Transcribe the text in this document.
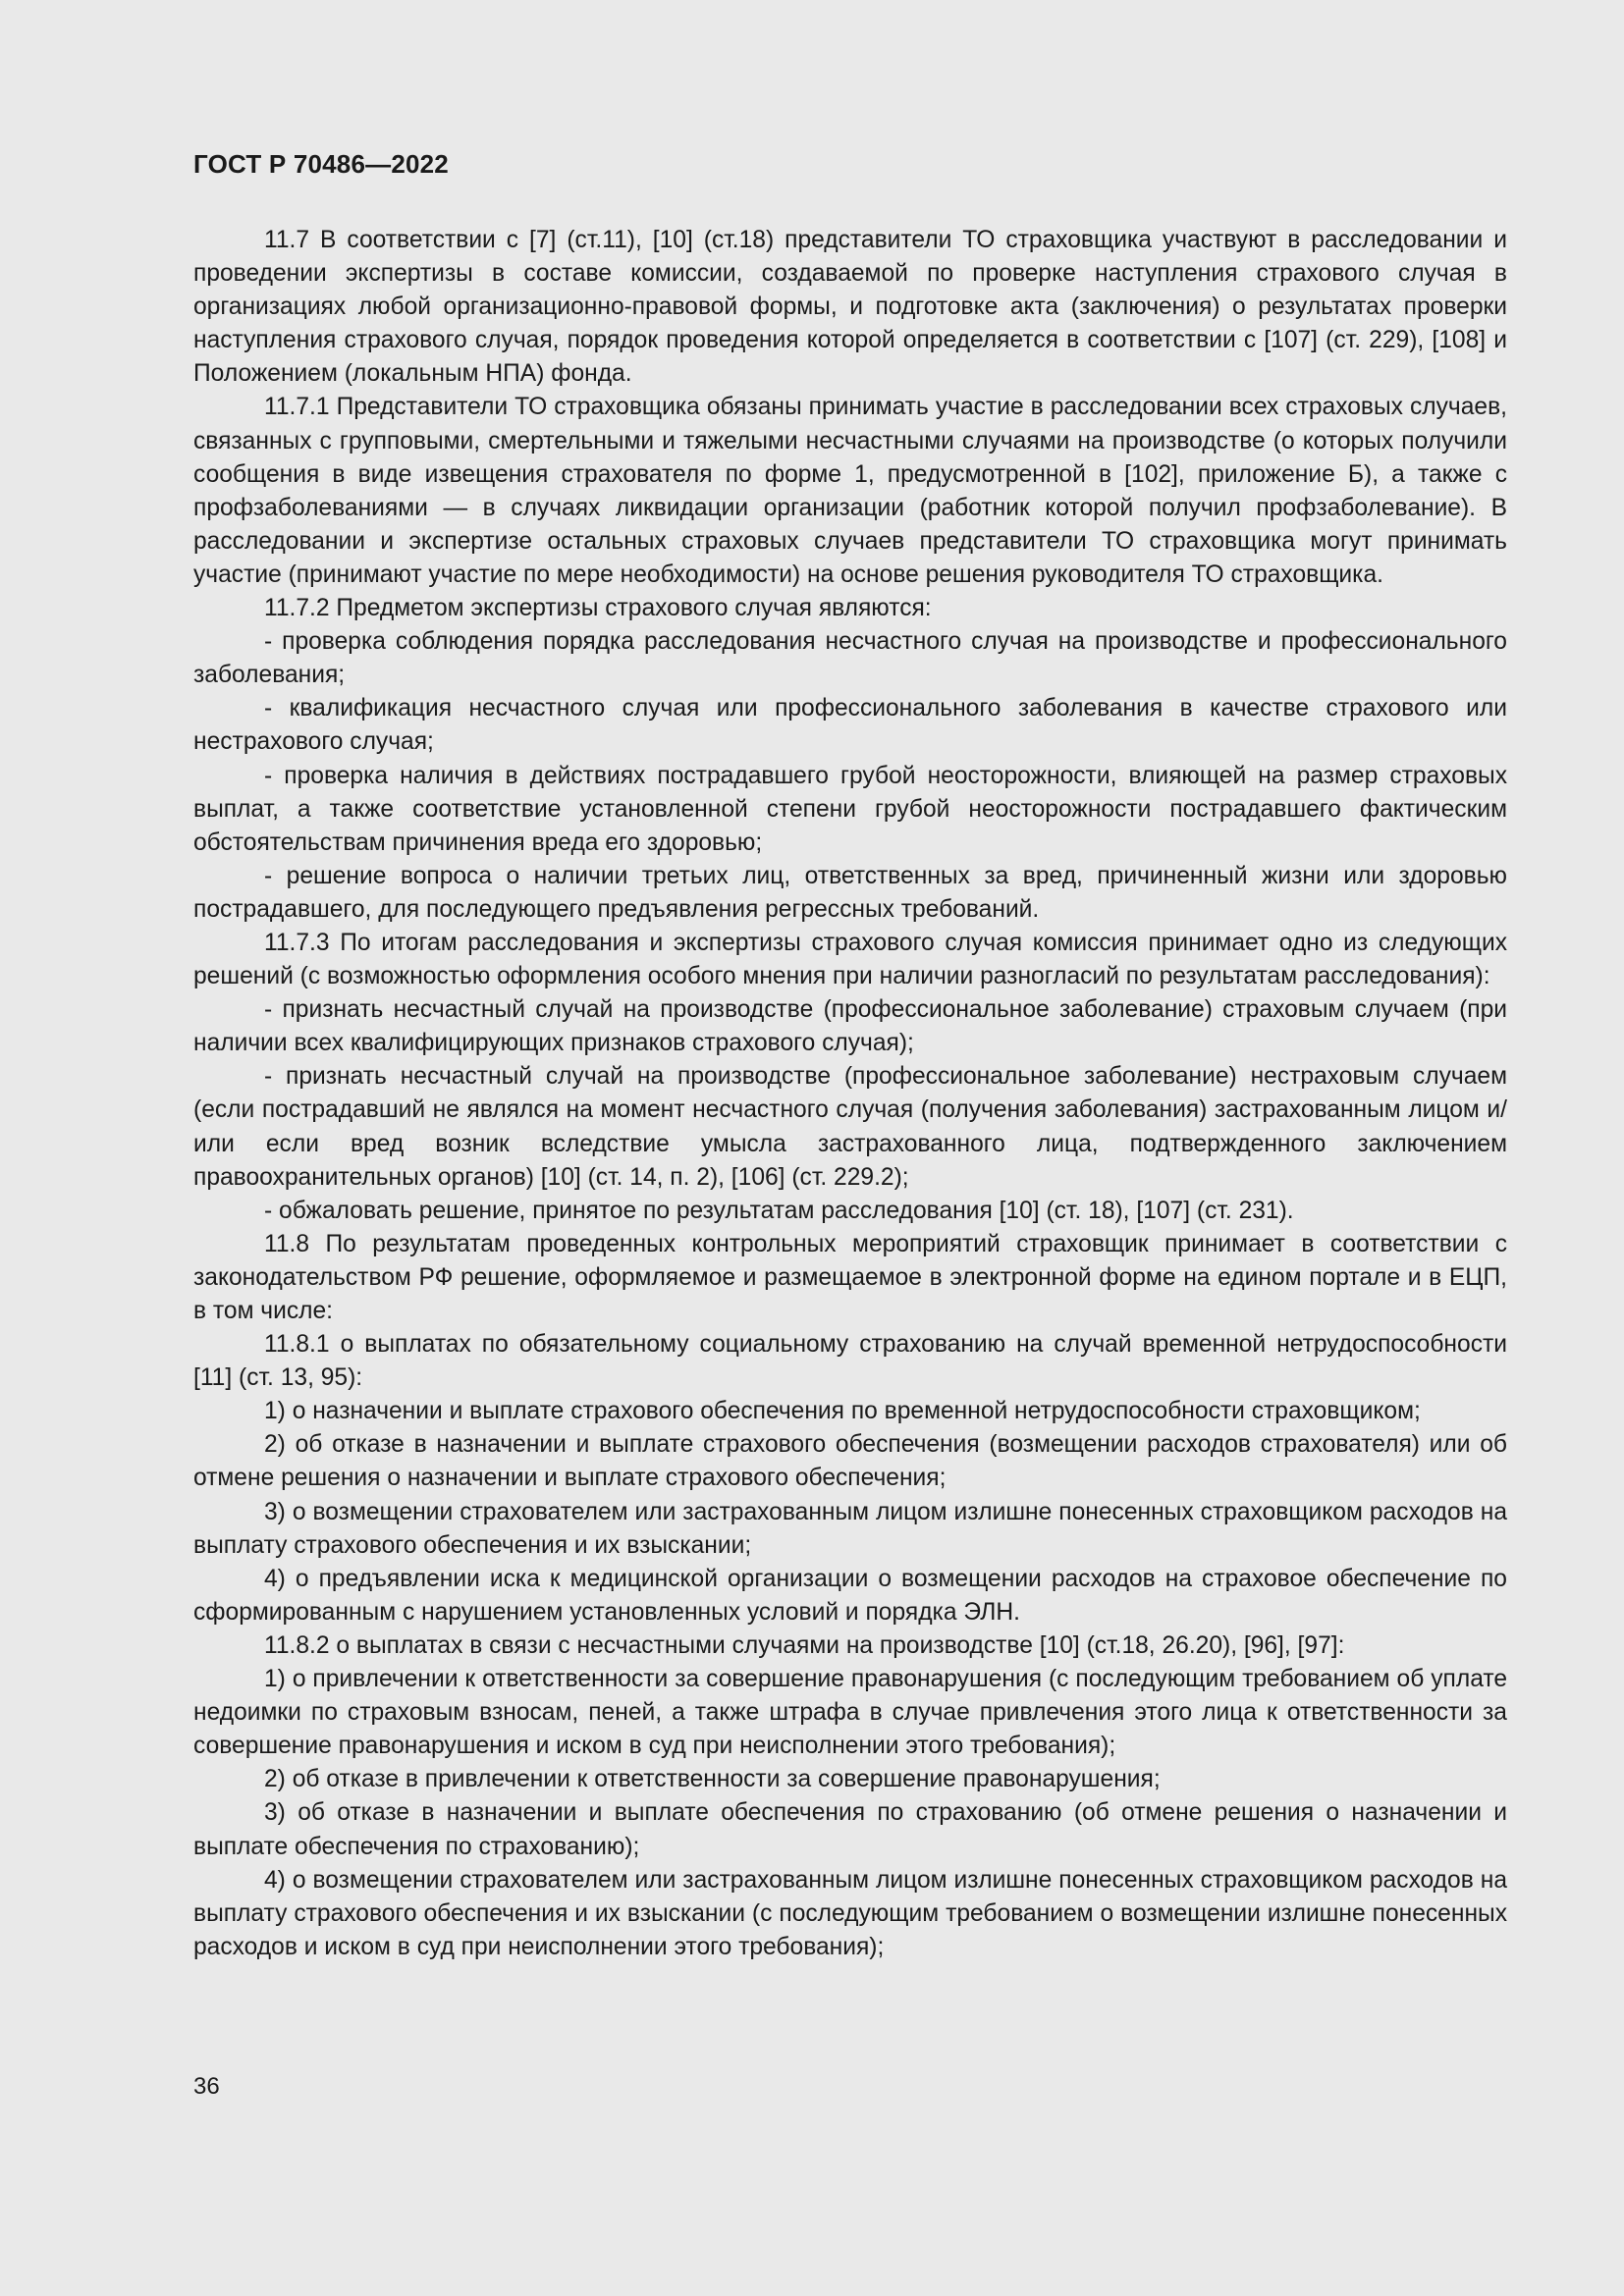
ГОСТ Р 70486—2022

11.7 В соответствии с [7] (ст.11), [10] (ст.18) представители ТО страховщика участвуют в расследовании и проведении экспертизы в составе комиссии, создаваемой по проверке наступления страхового случая в организациях любой организационно-правовой формы, и подготовке акта (заключения) о результатах проверки наступления страхового случая, порядок проведения которой определяется в соответствии с [107] (ст. 229), [108] и Положением (локальным НПА) фонда.

11.7.1 Представители ТО страховщика обязаны принимать участие в расследовании всех страховых случаев, связанных с групповыми, смертельными и тяжелыми несчастными случаями на производстве (о которых получили сообщения в виде извещения страхователя по форме 1, предусмотренной в [102], приложение Б), а также с профзаболеваниями — в случаях ликвидации организации (работник которой получил профзаболевание). В расследовании и экспертизе остальных страховых случаев представители ТО страховщика могут принимать участие (принимают участие по мере необходимости) на основе решения руководителя ТО страховщика.

11.7.2 Предметом экспертизы страхового случая являются:

- проверка соблюдения порядка расследования несчастного случая на производстве и профессионального заболевания;

- квалификация несчастного случая или профессионального заболевания в качестве страхового или нестрахового случая;

- проверка наличия в действиях пострадавшего грубой неосторожности, влияющей на размер страховых выплат, а также соответствие установленной степени грубой неосторожности пострадавшего фактическим обстоятельствам причинения вреда его здоровью;

- решение вопроса о наличии третьих лиц, ответственных за вред, причиненный жизни или здоровью пострадавшего, для последующего предъявления регрессных требований.

11.7.3 По итогам расследования и экспертизы страхового случая комиссия принимает одно из следующих решений (с возможностью оформления особого мнения при наличии разногласий по результатам расследования):

- признать несчастный случай на производстве (профессиональное заболевание) страховым случаем (при наличии всех квалифицирующих признаков страхового случая);

- признать несчастный случай на производстве (профессиональное заболевание) нестраховым случаем (если пострадавший не являлся на момент несчастного случая (получения заболевания) застрахованным лицом и/или если вред возник вследствие умысла застрахованного лица, подтвержденного заключением правоохранительных органов) [10] (ст. 14, п. 2), [106] (ст. 229.2);

- обжаловать решение, принятое по результатам расследования [10] (ст. 18), [107] (ст. 231).

11.8 По результатам проведенных контрольных мероприятий страховщик принимает в соответствии с законодательством РФ решение, оформляемое и размещаемое в электронной форме на едином портале и в ЕЦП, в том числе:

11.8.1 о выплатах по обязательному социальному страхованию на случай временной нетрудоспособности [11] (ст. 13, 95):

1) о назначении и выплате страхового обеспечения по временной нетрудоспособности страховщиком;

2) об отказе в назначении и выплате страхового обеспечения (возмещении расходов страхователя) или об отмене решения о назначении и выплате страхового обеспечения;

3) о возмещении страхователем или застрахованным лицом излишне понесенных страховщиком расходов на выплату страхового обеспечения и их взыскании;

4) о предъявлении иска к медицинской организации о возмещении расходов на страховое обеспечение по сформированным с нарушением установленных условий и порядка ЭЛН.

11.8.2 о выплатах в связи с несчастными случаями на производстве [10] (ст.18, 26.20), [96], [97]:

1) о привлечении к ответственности за совершение правонарушения (с последующим требованием об уплате недоимки по страховым взносам, пеней, а также штрафа в случае привлечения этого лица к ответственности за совершение правонарушения и иском в суд при неисполнении этого требования);

2) об отказе в привлечении к ответственности за совершение правонарушения;

3) об отказе в назначении и выплате обеспечения по страхованию (об отмене решения о назначении и выплате обеспечения по страхованию);

4) о возмещении страхователем или застрахованным лицом излишне понесенных страховщиком расходов на выплату страхового обеспечения и их взыскании (с последующим требованием о возмещении излишне понесенных расходов и иском в суд при неисполнении этого требования);

36
